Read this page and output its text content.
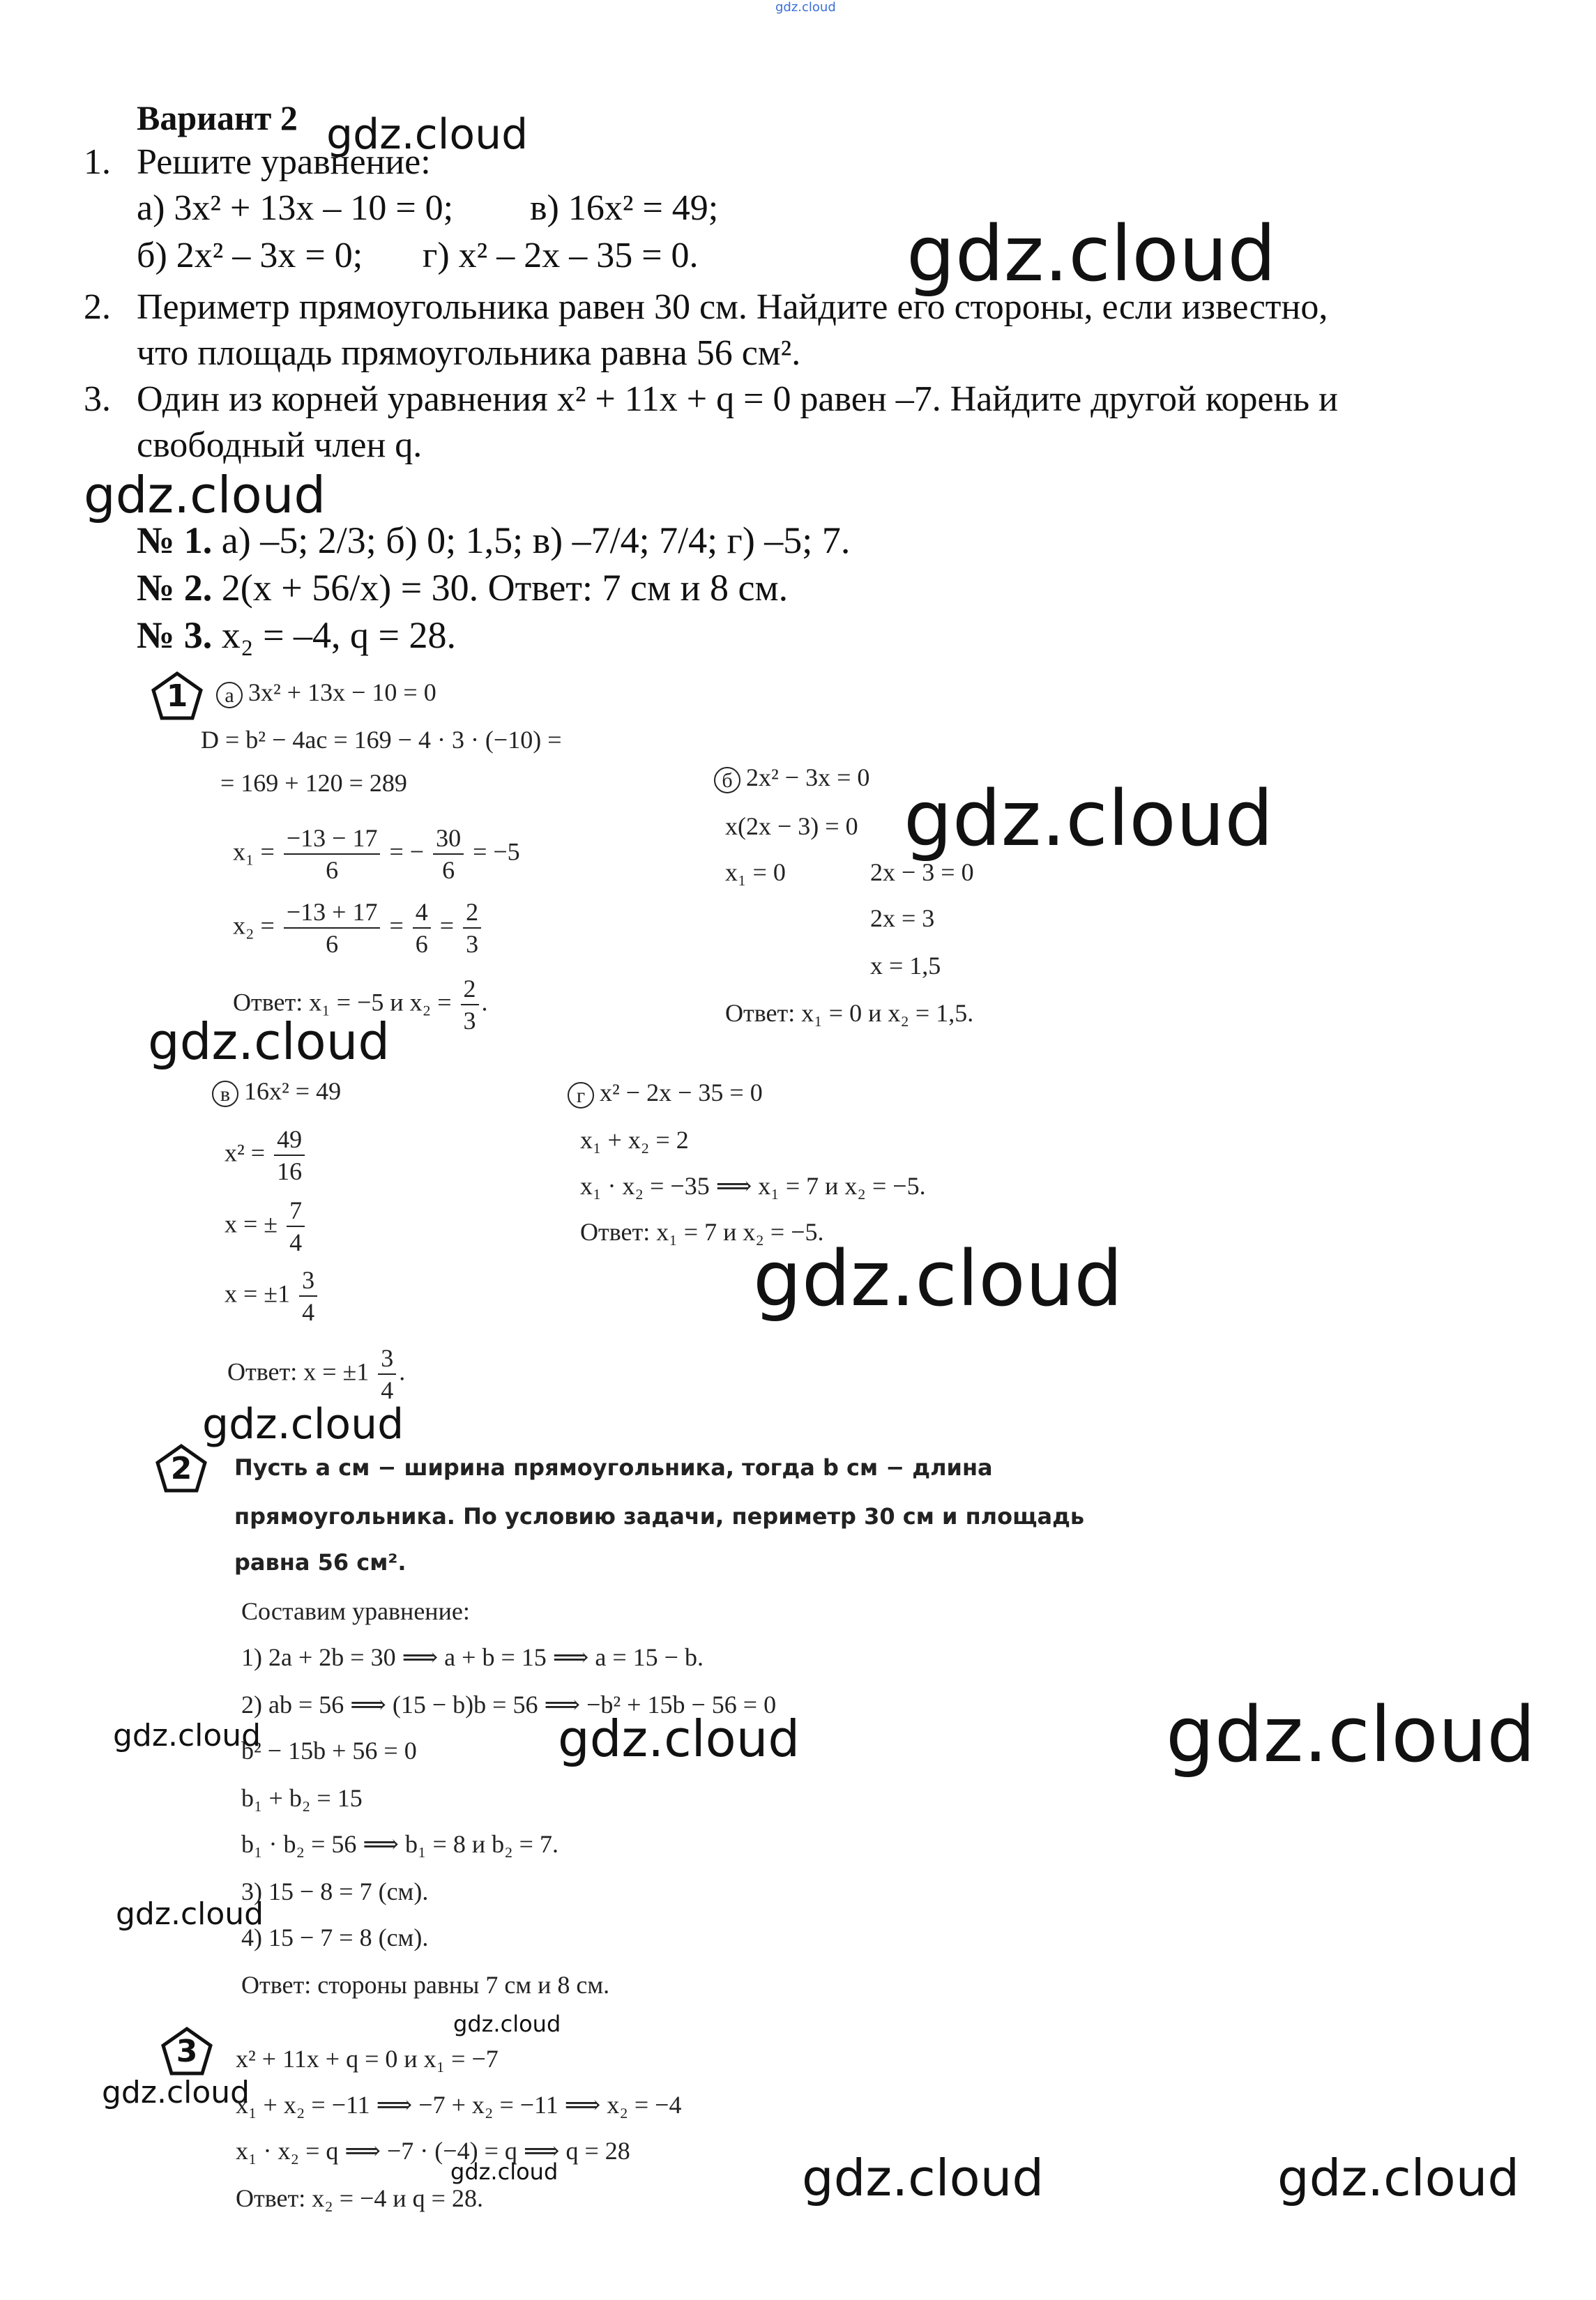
gdz.cloud
Вариант 2 gdz.cloud
1. Решите уравнение:
а) 3x² + 13x – 10 = 0; в) 16x² = 49;
б) 2x² – 3x = 0; г) x² – 2x – 35 = 0.	gdz.cloud
2. Периметр прямоугольника равен 30 см. Найдите его стороны, если известно,
что площадь прямоугольника равна 56 см².
3. Один из корней уравнения x² + 11x + q = 0 равен –7. Найдите другой корень и
свободный член q.
gdz.cloud
№ 1. а) –5; 2/3; б) 0; 1,5; в) –7/4; 7/4; г) –5; 7.
№ 2. 2(x + 56/x) = 30. Ответ: 7 см и 8 см.
№ 3. x₂ = –4, q = 28.
1	а 3x² + 13x − 10 = 0
D = b² − 4ac = 169 − 4 · 3 · (−10) =
= 169 + 120 = 289
$x_1 = \frac{-13 - 17}{6}$ = − $\frac{30}{6} = -5$
$x_2 = \frac{-13 + 17}{6} = \frac{4}{6} = \frac{2}{3}$
Ответ: x₁ = −5 и $x_2 = \frac{2}{3}$ .
б 2x² − 3x = 0
x(2x − 3) = 0
x₁ = 0	2x − 3 = 0
2x = 3
x = 1,5
Ответ: x₁ = 0 и x₂ = 1,5.
gdz.cloud
gdz.cloud
в 16x² = 49
$x^2 = \frac{49}{16}$
x = ± $\frac{7}{4}$
$x = \pm 1 \frac{3}{4}$
Ответ: $x = \pm 1 \frac{3}{4}$ .
г x² − 2x − 35 = 0
x₁ + x₂ = 2
x₁ · x₂ = −35 ⟹ x₁ = 7 и x₂ = −5.
Ответ: x₁ = 7 и x₂ = −5.
gdz.cloud
gdz.cloud
2	Пусть a см − ширина прямоугольника, тогда b см − длина
прямоугольника. По условию задачи, периметр 30 см и площадь
равна 56 см².
Составим уравнение:
1) 2a + 2b = 30 ⟹ a + b = 15 ⟹ a = 15 − b.
2) ab = 56 ⟹ (15 − b)b = 56 ⟹ −b² + 15b − 56 = 0
b² − 15b + 56 = 0
b₁ + b₂ = 15
b₁ · b₂ = 56 ⟹ b₁ = 8 и b₂ = 7.
3) 15 − 8 = 7 (см).
4) 15 − 7 = 8 (см).
Ответ: стороны равны 7 см и 8 см.
gdz.cloud	gdz.cloud	gdz.cloud
gdz.cloud
3
gdz.cloud
x² + 11x + q = 0 и x₁ = −7
gdz.cloud
x₁ + x₂ = −11 ⟹ −7 + x₂ = −11 ⟹ x₂ = −4
x₁ · x₂ = q ⟹ −7 · (−4) = q ⟹ q = 28
gdz.cloud
Ответ: x₂ = −4 и q = 28.	gdz.cloud	gdz.cloud
